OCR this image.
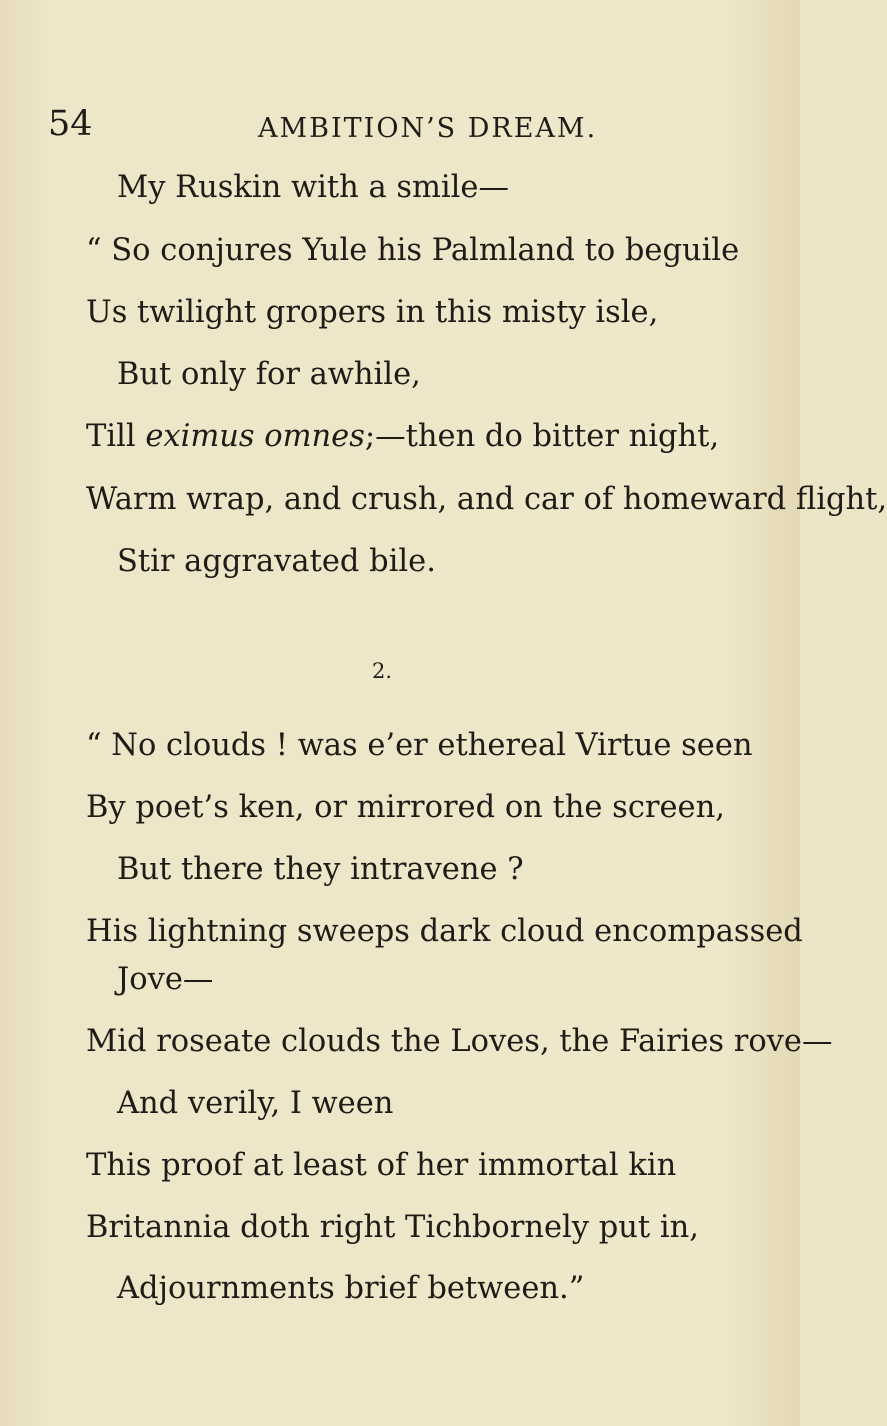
54	AMBITION’S DREAM.
My Ruskin with a smile—
“ So conjures Yule his Palmland to beguile
Us twilight gropers in this misty isle,
But only for awhile,
Till eximus omnes;—then do bitter night,
Warm wrap, and crush, and car of homeward flight,
Stir aggravated bile.
2.
“ No clouds ! was e’er ethereal Virtue seen
By poet’s ken, or mirrored on the screen,
But there they intravene ?
His lightning sweeps dark cloud encompassed
Jove—
Mid roseate clouds the Loves, the Fairies rove—
And verily, I ween
This proof at least of her immortal kin
Britannia doth right Tichbornely put in,
Adjournments brief between.”
